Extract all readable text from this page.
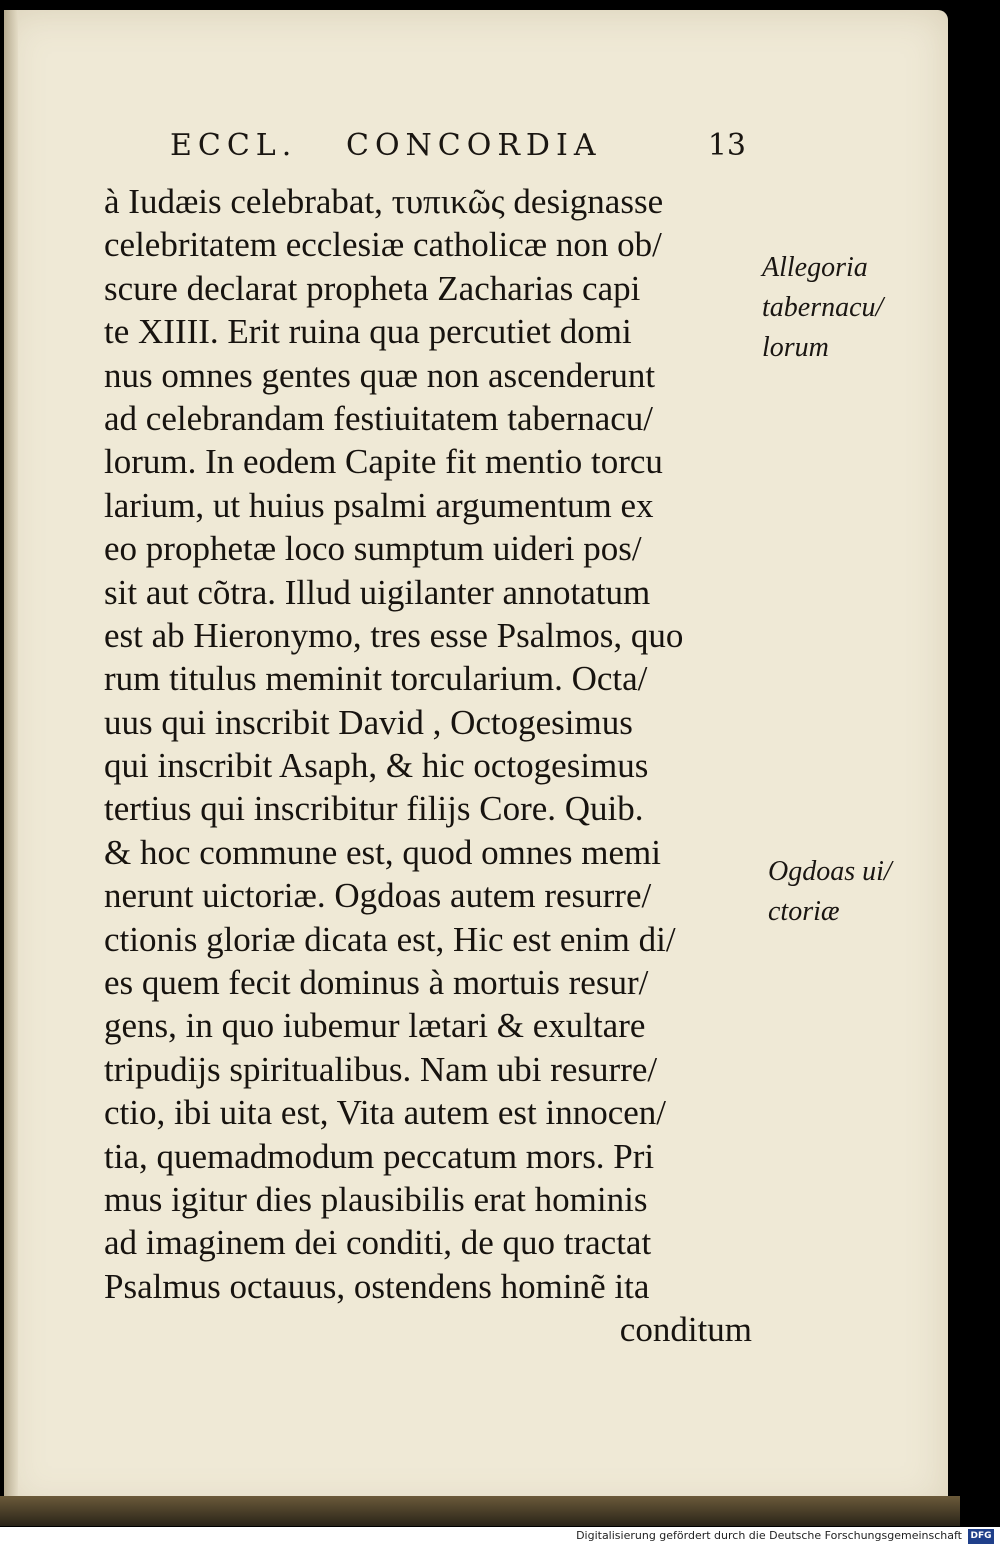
ECCL. CONCORDIA	13
à Iudæis celebrabat, τυπικῶς designasse
celebritatem ecclesiæ catholicæ non ob/
scure declarat propheta Zacharias capi
te XIIII. Erit ruina qua percutiet domi
nus omnes gentes quæ non ascenderunt
ad celebrandam festiuitatem tabernacu/
lorum. In eodem Capite fit mentio torcu
larium, ut huius psalmi argumentum ex
eo prophetæ loco sumptum uideri pos/
sit aut cõtra. Illud uigilanter annotatum
est ab Hieronymo, tres esse Psalmos, quo
rum titulus meminit torcularium. Octa/
uus qui inscribit David , Octogesimus
qui inscribit Asaph, & hic octogesimus
tertius qui inscribitur filijs Core. Quib.
& hoc commune est, quod omnes memi
nerunt uictoriæ. Ogdoas autem resurre/
ctionis gloriæ dicata est, Hic est enim di/
es quem fecit dominus à mortuis resur/
gens, in quo iubemur lætari & exultare
tripudijs spiritualibus. Nam ubi resurre/
ctio, ibi uita est, Vita autem est innocen/
tia, quemadmodum peccatum mors. Pri
mus igitur dies plausibilis erat hominis
ad imaginem dei conditi, de quo tractat
Psalmus octauus, ostendens hominẽ ita
conditum
Allegoria
tabernacu/
lorum
Ogdoas ui/
ctoriæ
Digitalisierung gefördert durch die Deutsche Forschungsgemeinschaft DFG
